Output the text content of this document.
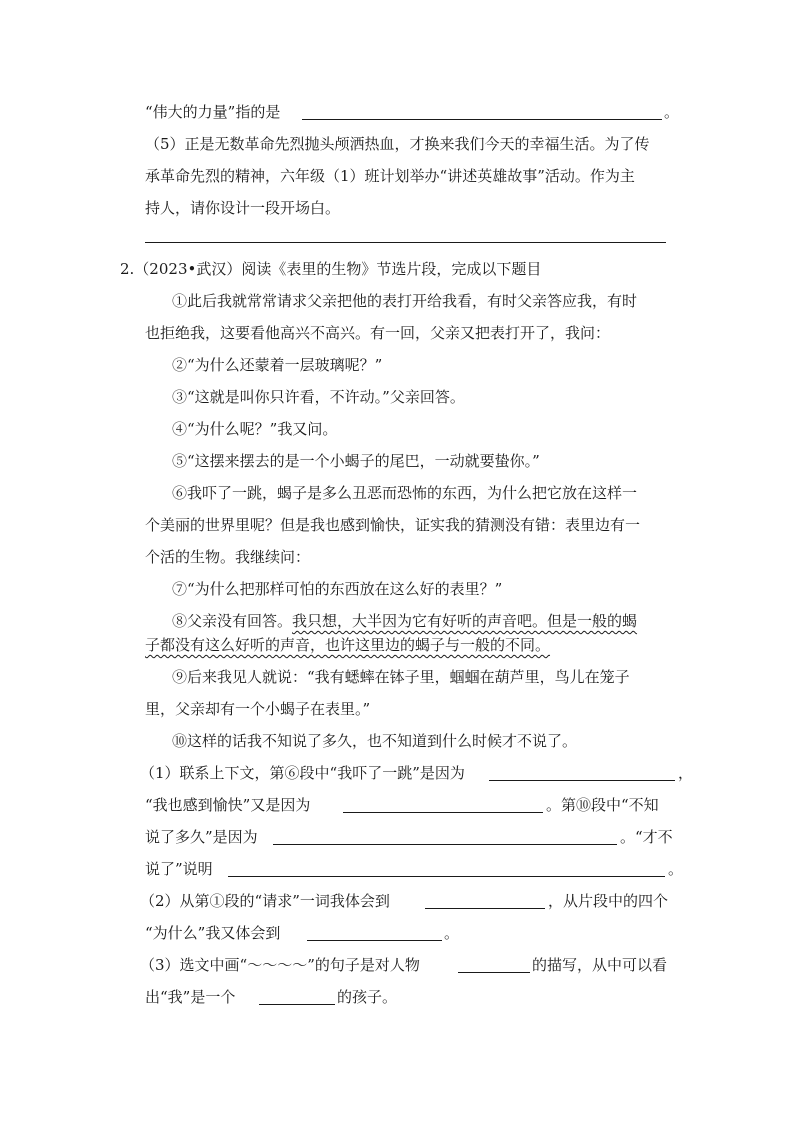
“伟大的力量”指的是	。
（5）正是无数革命先烈抛头颅洒热血，才换来我们今天的幸福生活。为了传
承革命先烈的精神，六年级（1）班计划举办“讲述英雄故事”活动。作为主
持人，请你设计一段开场白。
2.（2023•武汉）阅读《表里的生物》节选片段，完成以下题目
①此后我就常常请求父亲把他的表打开给我看，有时父亲答应我，有时
也拒绝我，这要看他高兴不高兴。有一回，父亲又把表打开了，我问：
②“为什么还蒙着一层玻璃呢？”
③“这就是叫你只许看，不许动。”父亲回答。
④“为什么呢？”我又问。
⑤“这摆来摆去的是一个小蝎子的尾巴，一动就要蛰你。”
⑥我吓了一跳，蝎子是多么丑恶而恐怖的东西，为什么把它放在这样一
个美丽的世界里呢？但是我也感到愉快，证实我的猜测没有错：表里边有一
个活的生物。我继续问：
⑦“为什么把那样可怕的东西放在这么好的表里？”
⑧父亲没有回答。我只想，大半因为它有好听的声音吧。但是一般的蝎
子都没有这么好听的声音，也许这里边的蝎子与一般的不同。
⑨后来我见人就说：“我有蟋蟀在钵子里，蝈蝈在葫芦里，鸟儿在笼子
里，父亲却有一个小蝎子在表里。”
⑩这样的话我不知说了多久，也不知道到什么时候才不说了。
（1）联系上下文，第⑥段中“我吓了一跳”是因为	，
“我也感到愉快”又是因为	。第⑩段中“不知
说了多久”是因为	。“才不
说了”说明	。
（2）从第①段的“请求”一词我体会到	，从片段中的四个
“为什么”我又体会到	。
（3）选文中画“～～～～”的句子是对人物	的描写，从中可以看
出“我”是一个	的孩子。
